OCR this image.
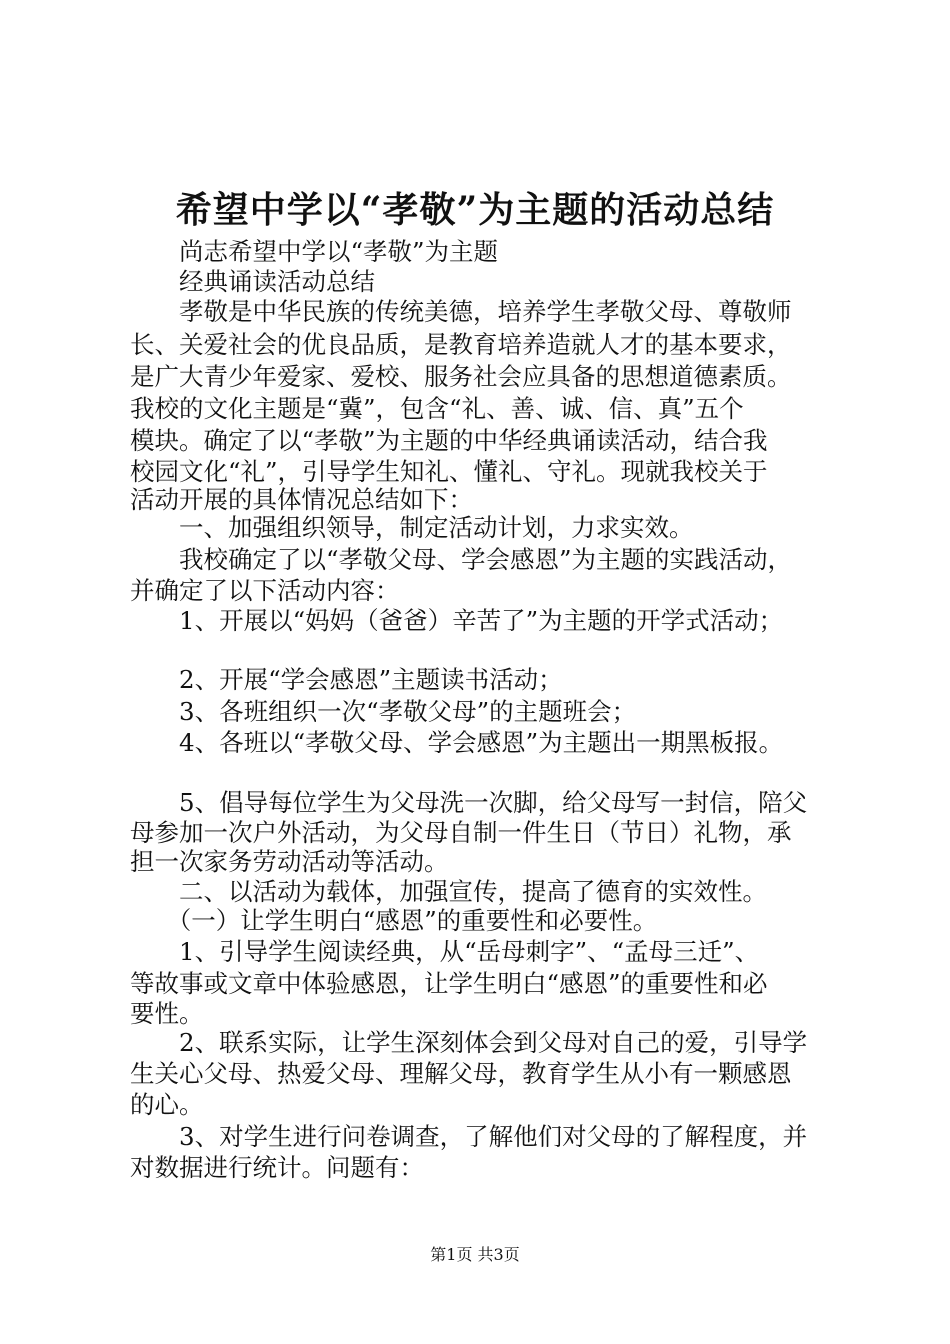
希望中学以“孝敬”为主题的活动总结
　　尚志希望中学以“孝敬”为主题
　　经典诵读活动总结
　　孝敬是中华民族的传统美德，培养学生孝敬父母、尊敬师
长、关爱社会的优良品质，是教育培养造就人才的基本要求，
是广大青少年爱家、爱校、服务社会应具备的思想道德素质。
我校的文化主题是“冀”，包含“礼、善、诚、信、真”五个
模块。确定了以“孝敬”为主题的中华经典诵读活动，结合我
校园文化“礼”，引导学生知礼、懂礼、守礼。现就我校关于
活动开展的具体情况总结如下：
　　一、加强组织领导，制定活动计划，力求实效。
　　我校确定了以“孝敬父母、学会感恩”为主题的实践活动，
并确定了以下活动内容：
　　1、开展以“妈妈（爸爸）辛苦了”为主题的开学式活动；
　　2、开展“学会感恩”主题读书活动；
　　3、各班组织一次“孝敬父母”的主题班会；
　　4、各班以“孝敬父母、学会感恩”为主题出一期黑板报。
　　5、倡导每位学生为父母洗一次脚，给父母写一封信，陪父
母参加一次户外活动，为父母自制一件生日（节日）礼物，承
担一次家务劳动活动等活动。
　　二、以活动为载体，加强宣传，提高了德育的实效性。
　　（一）让学生明白“感恩”的重要性和必要性。
　　1、引导学生阅读经典，从“岳母刺字”、“孟母三迁”、
等故事或文章中体验感恩，让学生明白“感恩”的重要性和必
要性。
　　2、联系实际，让学生深刻体会到父母对自己的爱，引导学
生关心父母、热爱父母、理解父母，教育学生从小有一颗感恩
的心。
　　3、对学生进行问卷调查，了解他们对父母的了解程度，并
对数据进行统计。问题有：
第1页 共3页
